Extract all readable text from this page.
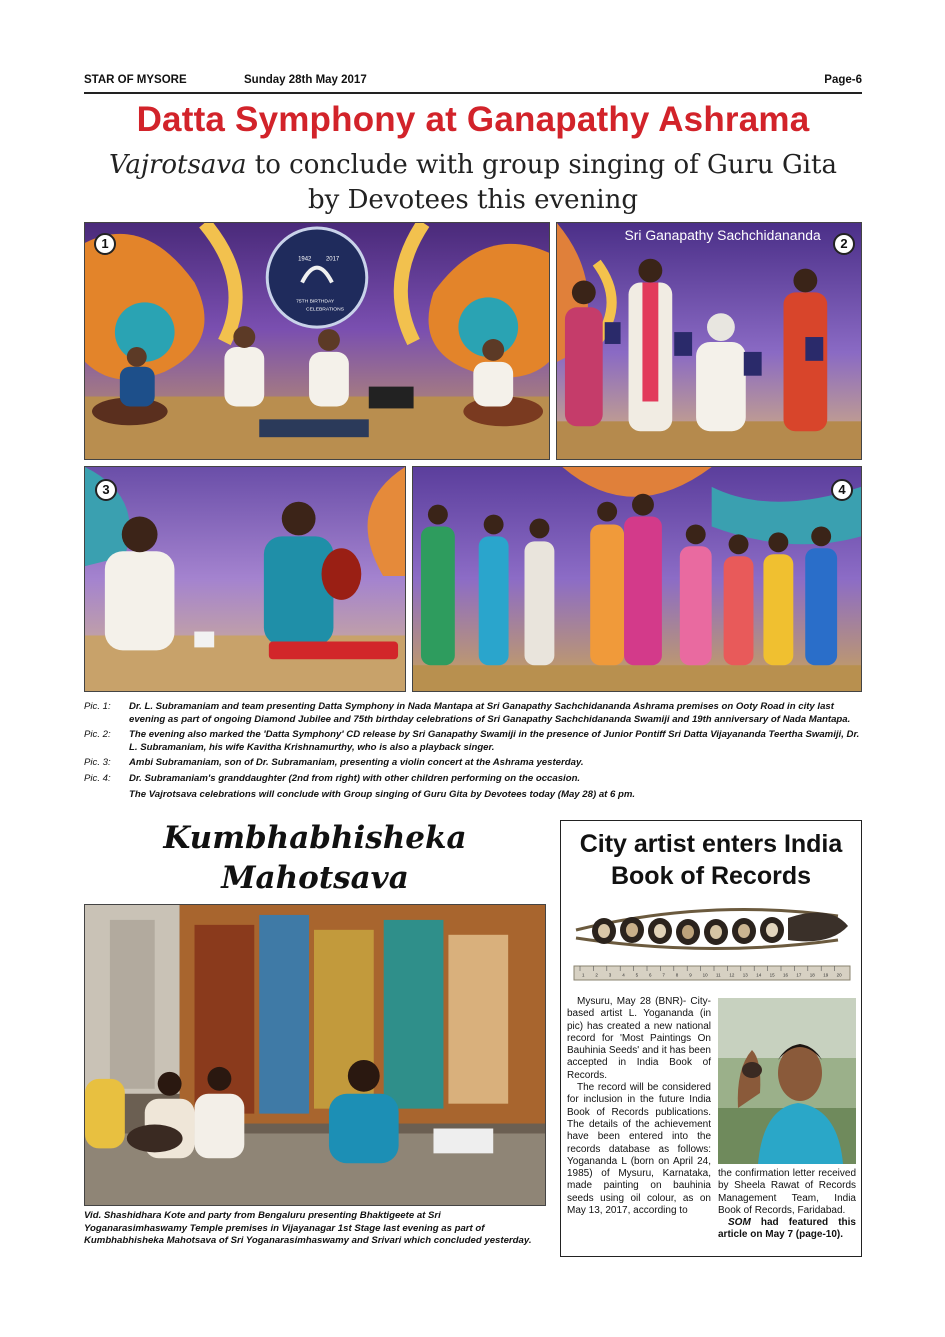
STAR OF MYSORE	Sunday 28th May 2017	Page-6
Datta Symphony at Ganapathy Ashrama
Vajrotsava to conclude with group singing of Guru Gita
by Devotees this evening
1942 2017
75TH BIRTHDAY
CELEBRATIONS
1
Sri Ganapathy Sachchidananda
2
3	4
Pic. 1:	Dr. L. Subramaniam and team presenting Datta Symphony in Nada Mantapa at Sri Ganapathy Sachchidananda Ashrama premises on Ooty Road in city last evening as part of ongoing Diamond Jubilee and 75th birthday celebrations of Sri Ganapathy Sachchidananda Swamiji and 19th anniversary of Nada Mantapa.
Pic. 2:	The evening also marked the 'Datta Symphony' CD release by Sri Ganapathy Swamiji in the presence of Junior Pontiff Sri Datta Vijayananda Teertha Swamiji, Dr. L. Subramaniam, his wife Kavitha Krishnamurthy, who is also a playback singer.
Pic. 3:	Ambi Subramaniam, son of Dr. Subramaniam, presenting a violin concert at the Ashrama yesterday.
Pic. 4:	Dr. Subramaniam's granddaughter (2nd from right) with other children performing on the occasion.
The Vajrotsava celebrations will conclude with Group singing of Guru Gita by Devotees today (May 28) at 6 pm.
Kumbhabhisheka Mahotsava

Vid. Shashidhara Kote and party from Bengaluru presenting Bhaktigeete at Sri Yoganarasimhaswamy Temple premises in Vijayanagar 1st Stage last evening as part of Kumbhabhisheka Mahotsava of Sri Yoganarasimhaswamy and Srivari which concluded yesterday.
City artist enters India
Book of Records
1 2 3 4 5 6 7 8 9 10 11 12 13 14 15 16 17 18 19 20

Mysuru, May 28 (BNR)- City-based artist L. Yogananda (in pic) has created a new national record for 'Most Paintings On Bauhinia Seeds' and it has been accepted in India Book of Records.

The record will be considered for inclusion in the future India Book of Records publications. The details of the achievement have been entered into the records database as follows: Yogananda L (born on April 24, 1985) of Mysuru, Karnataka, made painting on bauhinia seeds using oil colour, as on May 13, 2017, according to

the confirmation letter received by Sheela Rawat of Records Management Team, India Book of Records, Faridabad.

SOM had featured this article on May 7 (page-10).
